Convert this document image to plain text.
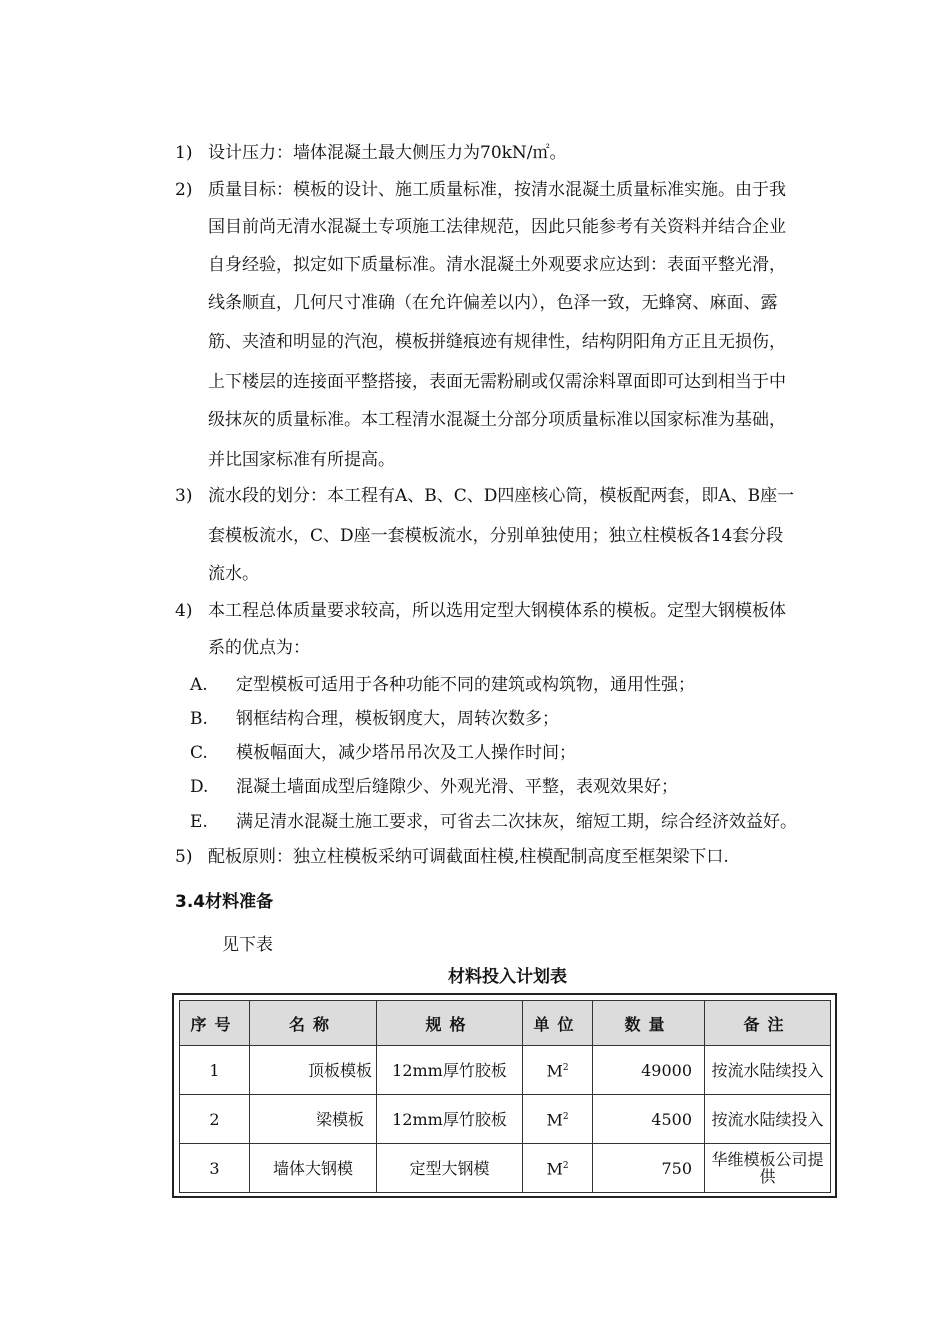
1) 设计压力：墙体混凝土最大侧压力为70kN/㎡。
2) 质量目标：模板的设计、施工质量标准，按清水混凝土质量标准实施。由于我
国目前尚无清水混凝土专项施工法律规范，因此只能参考有关资料并结合企业
自身经验，拟定如下质量标准。清水混凝土外观要求应达到：表面平整光滑，
线条顺直，几何尺寸准确（在允许偏差以内），色泽一致，无蜂窝、麻面、露
筋、夹渣和明显的汽泡，模板拼缝痕迹有规律性，结构阴阳角方正且无损伤，
上下楼层的连接面平整搭接，表面无需粉刷或仅需涂料罩面即可达到相当于中
级抹灰的质量标准。本工程清水混凝土分部分项质量标准以国家标准为基础，
并比国家标准有所提高。
3) 流水段的划分：本工程有A、B、C、D四座核心筒，模板配两套，即A、B座一
套模板流水，C、D座一套模板流水，分别单独使用；独立柱模板各14套分段
流水。
4) 本工程总体质量要求较高，所以选用定型大钢模体系的模板。定型大钢模板体
系的优点为：
A. 定型模板可适用于各种功能不同的建筑或构筑物，通用性强；
B. 钢框结构合理，模板钢度大，周转次数多；
C. 模板幅面大，减少塔吊吊次及工人操作时间；
D. 混凝土墙面成型后缝隙少、外观光滑、平整，表观效果好；
E. 满足清水混凝土施工要求，可省去二次抹灰，缩短工期，综合经济效益好。
5) 配板原则：独立柱模板采纳可调截面柱模,柱模配制高度至框架梁下口.
3.4材料准备
见下表
材料投入计划表
序号	名称	规格	单位	数量	备注
1	顶板模板	12mm厚竹胶板	$M^2$	49000	按流水陆续投入
2	梁模板	12mm厚竹胶板	$M^2$	4500	按流水陆续投入
3	墙体大钢模	定型大钢模	$M^2$	750	华维模板公司提供
